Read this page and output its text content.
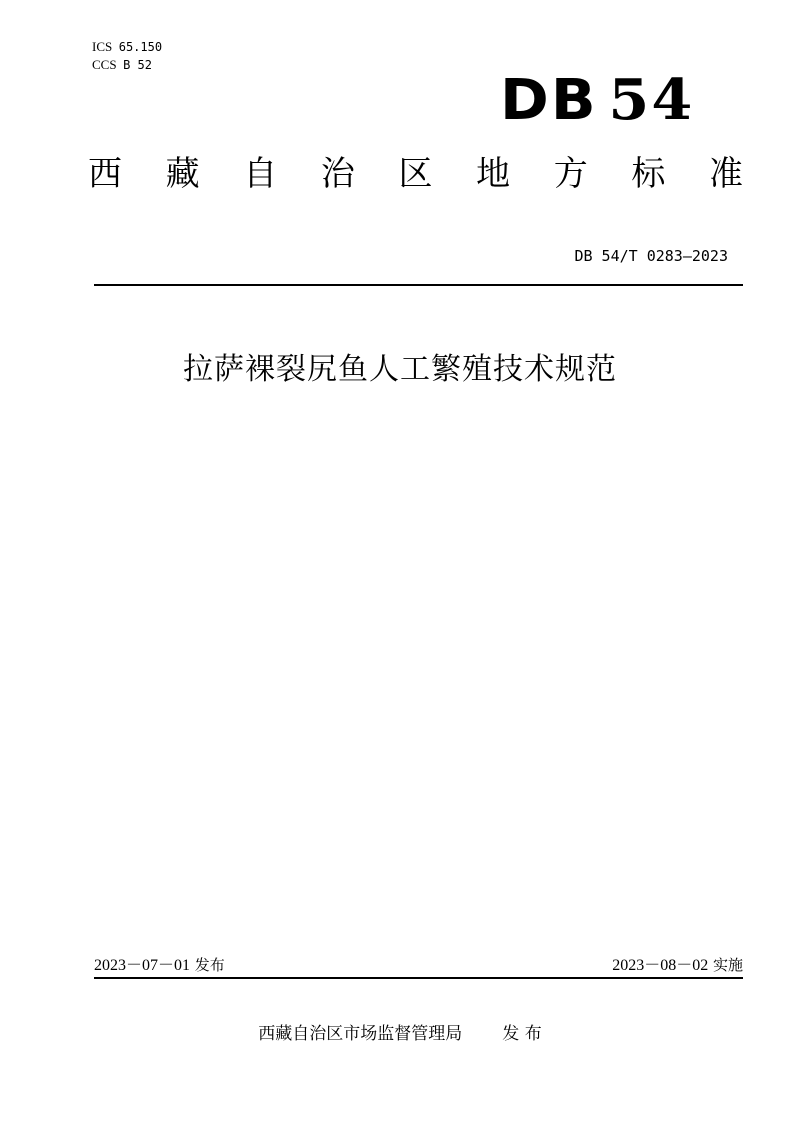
ICS 65.150
CCS B 52
DB 54
西 藏 自 治 区 地 方 标 准
DB 54/T 0283—2023
拉萨裸裂尻鱼人工繁殖技术规范
2023－07－01 发布	2023－08－02 实施
西藏自治区市场监督管理局 发 布
